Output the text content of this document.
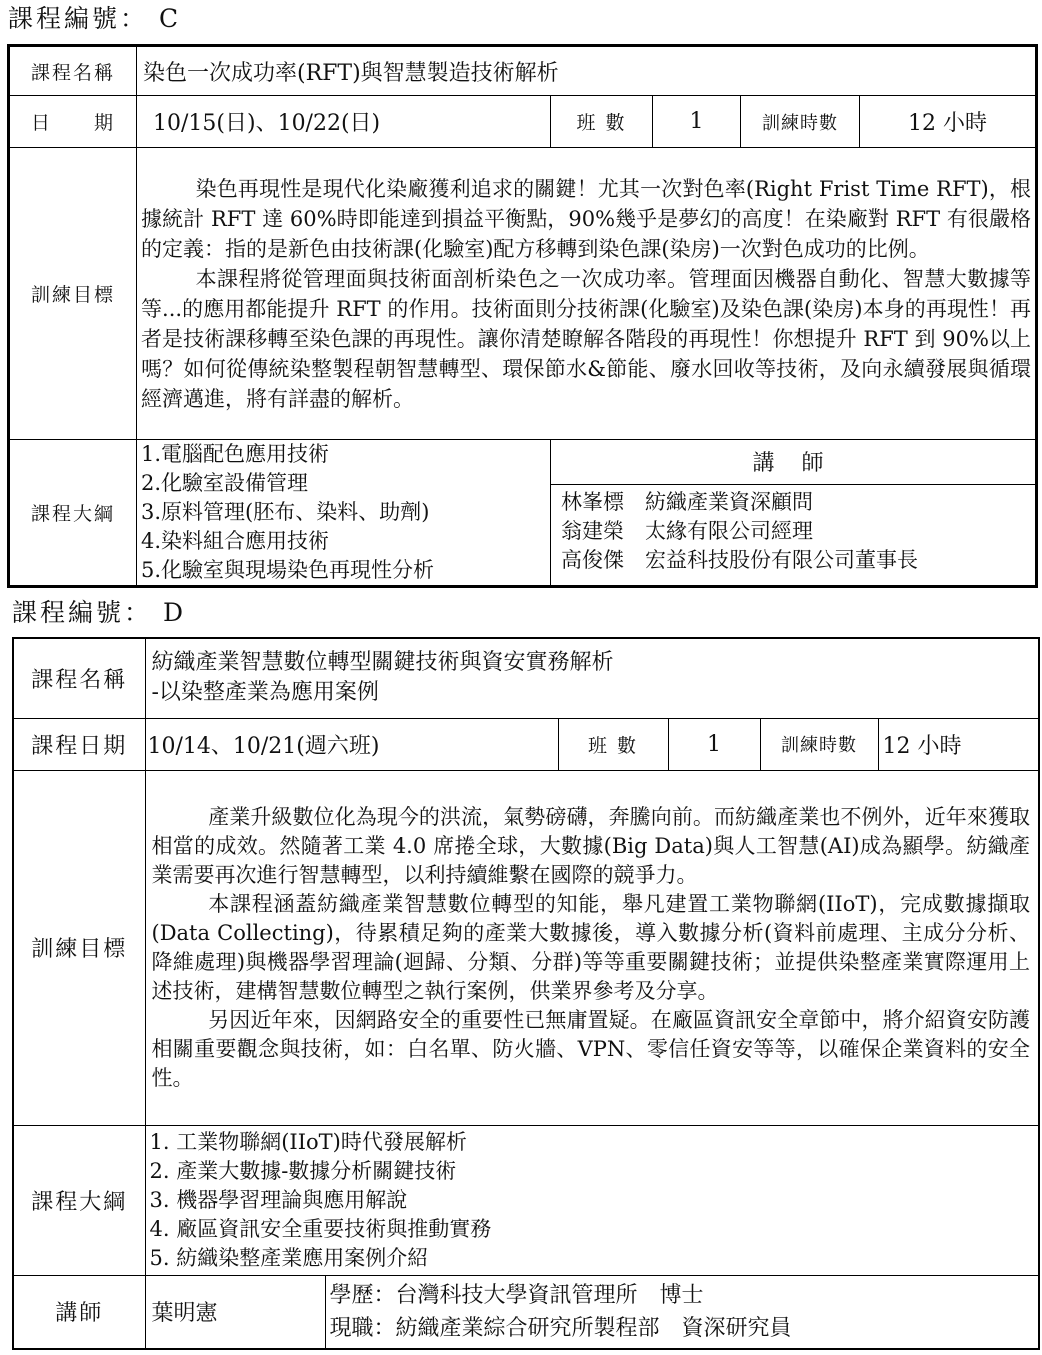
課程編號： C
課程名稱	染色一次成功率(RFT)與智慧製造技術解析				
日　　期	10/15(日)、10/22(日)	班 數	1	訓練時數	12 小時
訓練目標	染色再現性是現代化染廠獲利追求的關鍵！尤其一次對色率(Right Frist Time RFT)，根據統計 RFT 達 60%時即能達到損益平衡點，90%幾乎是夢幻的高度！在染廠對 RFT 有很嚴格的定義：指的是新色由技術課(化驗室)配方移轉到染色課(染房)一次對色成功的比例。

本課程將從管理面與技術面剖析染色之一次成功率。管理面因機器自動化、智慧大數據等等...的應用都能提升 RFT 的作用。技術面則分技術課(化驗室)及染色課(染房)本身的再現性！再者是技術課移轉至染色課的再現性。讓你清楚瞭解各階段的再現性！你想提升 RFT 到 90%以上嗎？如何從傳統染整製程朝智慧轉型、環保節水&節能、廢水回收等技術，及向永續發展與循環經濟邁進，將有詳盡的解析。				

課程大綱	1.電腦配色應用技術
2.化驗室設備管理
3.原料管理(胚布、染料、助劑)
4.染料組合應用技術
5.化驗室與現場染色再現性分析	講 師			

		林峯標　紡織產業資深顧問
翁建榮　太緣有限公司經理
高俊傑　宏益科技股份有限公司董事長			
課程編號： D
課程名稱	紡織產業智慧數位轉型關鍵技術與資安實務解析
-以染整產業為應用案例					

課程日期	10/14、10/21(週六班)		班 數	1	訓練時數	12 小時
訓練目標	產業升級數位化為現今的洪流，氣勢磅礴，奔騰向前。而紡織產業也不例外，近年來獲取相當的成效。然隨著工業 4.0 席捲全球，大數據(Big Data)與人工智慧(AI)成為顯學。紡織產業需要再次進行智慧轉型，以利持續維繫在國際的競爭力。

本課程涵蓋紡織產業智慧數位轉型的知能，舉凡建置工業物聯網(IIoT)，完成數據擷取(Data Collecting)，待累積足夠的產業大數據後，導入數據分析(資料前處理、主成分分析、降維處理)與機器學習理論(迴歸、分類、分群)等等重要關鍵技術；並提供染整產業實際運用上述技術，建構智慧數位轉型之執行案例，供業界參考及分享。

另因近年來，因網路安全的重要性已無庸置疑。在廠區資訊安全章節中，將介紹資安防護相關重要觀念與技術，如：白名單、防火牆、VPN、零信任資安等等，以確保企業資料的安全性。					

課程大綱	1. 工業物聯網(IIoT)時代發展解析
2. 產業大數據-數據分析關鍵技術
3. 機器學習理論與應用解說
4. 廠區資訊安全重要技術與推動實務
5. 紡織染整產業應用案例介紹					

講師	葉明憲	學歷：台灣科技大學資訊管理所　博士
現職：紡織產業綜合研究所製程部　資深研究員				
